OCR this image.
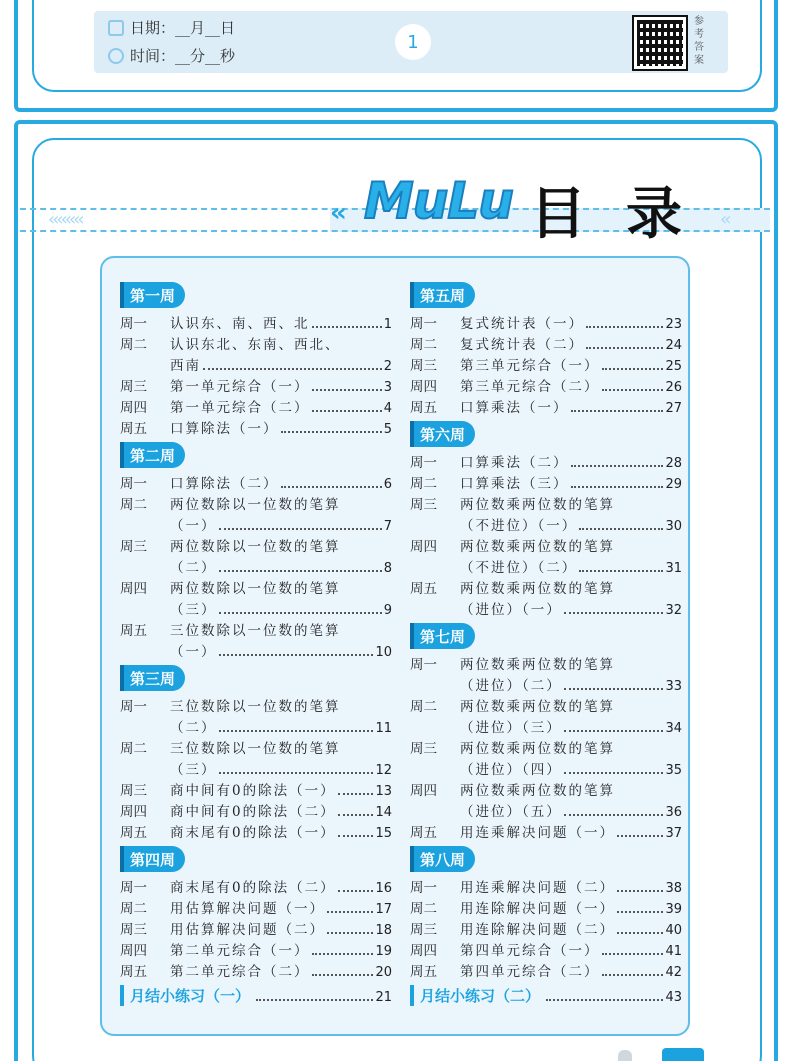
日期：__月__日
时间：__分__秒
1
参考答案
‹‹‹‹‹‹‹‹	‹‹
« MuLu 目录
第一周
周一 认识东、南、西、北	1
周二 认识东北、东南、西北、
西南	2
周三 第一单元综合（一）	3
周四 第一单元综合（二）	4
周五 口算除法（一）	5
第二周
周一 口算除法（二）	6
周二 两位数除以一位数的笔算
（一）	7
周三 两位数除以一位数的笔算
（二）	8
周四 两位数除以一位数的笔算
（三）	9
周五 三位数除以一位数的笔算
（一）	10
第三周
周一 三位数除以一位数的笔算
（二）	11
周二 三位数除以一位数的笔算
（三）	12
周三 商中间有0的除法（一）	13
周四 商中间有0的除法（二）	14
周五 商末尾有0的除法（一）	15
第四周
周一 商末尾有0的除法（二）	16
周二 用估算解决问题（一）	17
周三 用估算解决问题（二）	18
周四 第二单元综合（一）	19
周五 第二单元综合（二）	20
月结小练习（一）	21
第五周
周一 复式统计表（一）	23
周二 复式统计表（二）	24
周三 第三单元综合（一）	25
周四 第三单元综合（二）	26
周五 口算乘法（一）	27
第六周
周一 口算乘法（二）	28
周二 口算乘法（三）	29
周三 两位数乘两位数的笔算
（不进位）（一）	30
周四 两位数乘两位数的笔算
（不进位）（二）	31
周五 两位数乘两位数的笔算
（进位）（一）	32
第七周
周一 两位数乘两位数的笔算
（进位）（二）	33
周二 两位数乘两位数的笔算
（进位）（三）	34
周三 两位数乘两位数的笔算
（进位）（四）	35
周四 两位数乘两位数的笔算
（进位）（五）	36
周五 用连乘解决问题（一）	37
第八周
周一 用连乘解决问题（二）	38
周二 用连除解决问题（一）	39
周三 用连除解决问题（二）	40
周四 第四单元综合（一）	41
周五 第四单元综合（二）	42
月结小练习（二）	43
